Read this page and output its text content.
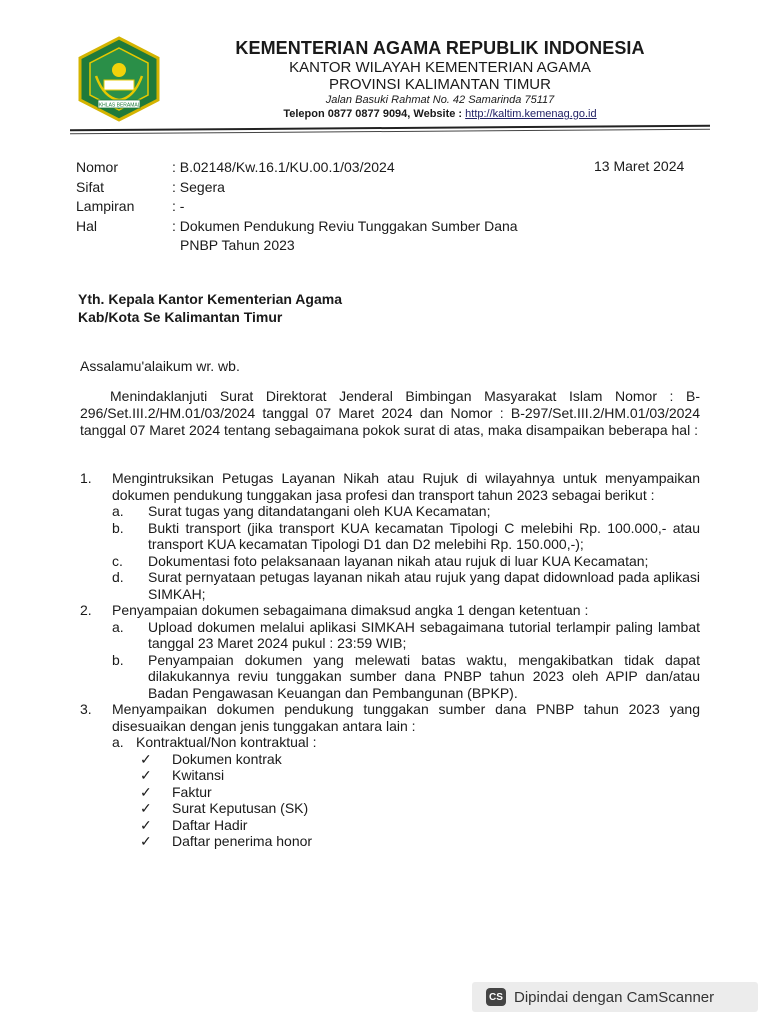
IKHLAS BERAMAL
KEMENTERIAN AGAMA REPUBLIK INDONESIA
KANTOR WILAYAH KEMENTERIAN AGAMA
PROVINSI KALIMANTAN TIMUR
Jalan Basuki Rahmat No. 42 Samarinda 75117
Telepon 0877 0877 9094, Website : http://kaltim.kemenag.go.id
Nomor	: B.02148/Kw.16.1/KU.00.1/03/2024
Sifat	: Segera
Lampiran	: -
Hal	: Dokumen Pendukung Reviu Tunggakan Sumber Dana
PNBP Tahun 2023
13 Maret 2024
Yth. Kepala Kantor Kementerian Agama
Kab/Kota Se Kalimantan Timur
Assalamu'alaikum wr. wb.
Menindaklanjuti Surat Direktorat Jenderal Bimbingan Masyarakat Islam Nomor : B-296/Set.III.2/HM.01/03/2024 tanggal 07 Maret 2024 dan Nomor : B-297/Set.III.2/HM.01/03/2024 tanggal 07 Maret 2024 tentang sebagaimana pokok surat di atas, maka disampaikan beberapa hal :
1.	Mengintruksikan Petugas Layanan Nikah atau Rujuk di wilayahnya untuk menyampaikan dokumen pendukung tunggakan jasa profesi dan transport tahun 2023 sebagai berikut :
a.	Surat tugas yang ditandatangani oleh KUA Kecamatan;
b.	Bukti transport (jika transport KUA kecamatan Tipologi C melebihi Rp. 100.000,- atau transport KUA kecamatan Tipologi D1 dan D2 melebihi Rp. 150.000,-);
c.	Dokumentasi foto pelaksanaan layanan nikah atau rujuk di luar KUA Kecamatan;
d.	Surat pernyataan petugas layanan nikah atau rujuk yang dapat didownload pada aplikasi SIMKAH;
2.	Penyampaian dokumen sebagaimana dimaksud angka 1 dengan ketentuan :
a.	Upload dokumen melalui aplikasi SIMKAH sebagaimana tutorial terlampir paling lambat tanggal 23 Maret 2024 pukul : 23:59 WIB;
b.	Penyampaian dokumen yang melewati batas waktu, mengakibatkan tidak dapat dilakukannya reviu tunggakan sumber dana PNBP tahun 2023 oleh APIP dan/atau Badan Pengawasan Keuangan dan Pembangunan (BPKP).
3.	Menyampaikan dokumen pendukung tunggakan sumber dana PNBP tahun 2023 yang disesuaikan dengan jenis tunggakan antara lain :
a. Kontraktual/Non kontraktual :
✓	Dokumen kontrak
✓	Kwitansi
✓	Faktur
✓	Surat Keputusan (SK)
✓	Daftar Hadir
✓	Daftar penerima honor
CS Dipindai dengan CamScanner
